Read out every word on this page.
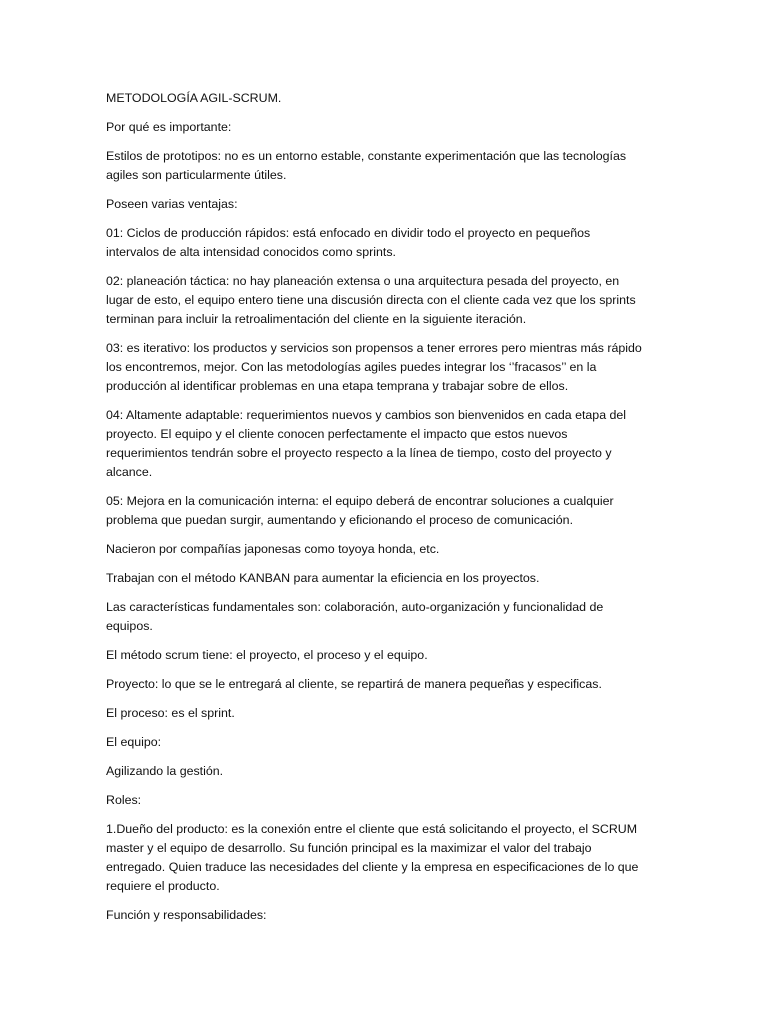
METODOLOGÍA AGIL-SCRUM.

Por qué es importante:

Estilos de prototipos: no es un entorno estable, constante experimentación que las tecnologías agiles son particularmente útiles.

Poseen varias ventajas:

01: Ciclos de producción rápidos: está enfocado en dividir todo el proyecto en pequeños intervalos de alta intensidad conocidos como sprints.

02: planeación táctica: no hay planeación extensa o una arquitectura pesada del proyecto, en lugar de esto, el equipo entero tiene una discusión directa con el cliente cada vez que los sprints terminan para incluir la retroalimentación del cliente en la siguiente iteración.

03: es iterativo: los productos y servicios son propensos a tener errores pero mientras más rápido los encontremos, mejor. Con las metodologías agiles puedes integrar los ‘’fracasos’’ en la producción al identificar problemas en una etapa temprana y trabajar sobre de ellos.

04: Altamente adaptable: requerimientos nuevos y cambios son bienvenidos en cada etapa del proyecto. El equipo y el cliente conocen perfectamente el impacto que estos nuevos requerimientos tendrán sobre el proyecto respecto a la línea de tiempo, costo del proyecto y alcance.

05: Mejora en la comunicación interna: el equipo deberá de encontrar soluciones a cualquier problema que puedan surgir, aumentando y eficionando el proceso de comunicación.

Nacieron por compañías japonesas como toyoya honda, etc.

Trabajan con el método KANBAN para aumentar la eficiencia en los proyectos.

Las características fundamentales son: colaboración, auto-organización y funcionalidad de equipos.

El método scrum tiene: el proyecto, el proceso y el equipo.

Proyecto: lo que se le entregará al cliente, se repartirá de manera pequeñas y especificas.

El proceso: es el sprint.

El equipo:

Agilizando la gestión.

Roles:

1.Dueño del producto: es la conexión entre el cliente que está solicitando el proyecto, el SCRUM master y el equipo de desarrollo. Su función principal es la maximizar el valor del trabajo entregado. Quien traduce las necesidades del cliente y la empresa en especificaciones de lo que requiere el producto.

Función y responsabilidades:
